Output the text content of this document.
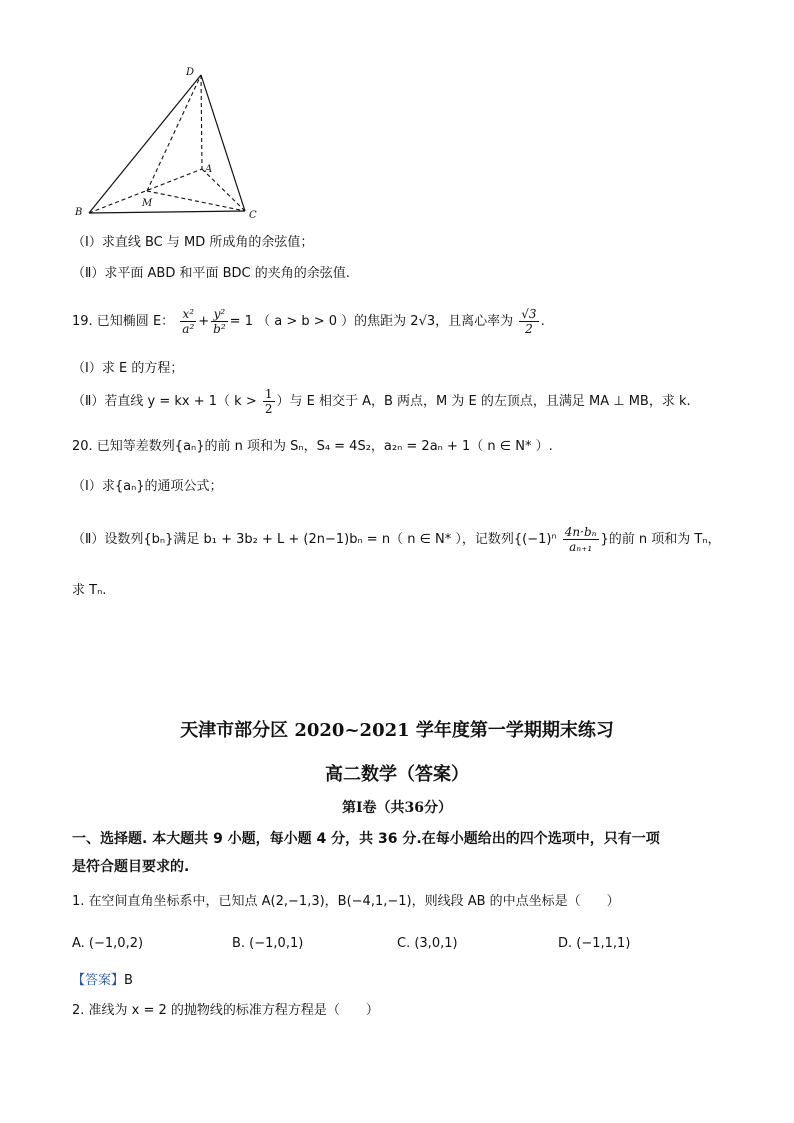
D
A
M
B	C
（Ⅰ）求直线 BC 与 MD 所成角的余弦值；
（Ⅱ）求平面 ABD 和平面 BDC 的夹角的余弦值.
19. 已知椭圆 E： $\frac{\text{x²}}{\text{a²}} + \frac{\text{y²}}{\text{b²}} = 1$ （ a > b > 0 ）的焦距为 2√3，且离心率为 $\frac{√3}{2}$ .
（Ⅰ）求 E 的方程；
（Ⅱ）若直线 y = kx + 1（ $k > \frac{1}{2}$ ）与 E 相交于 A，B 两点，M 为 E 的左顶点，且满足 MA ⊥ MB，求 k.
20. 已知等差数列{aₙ}的前 n 项和为 Sₙ，S₄ = 4S₂，a₂ₙ = 2aₙ + 1（ n ∈ N* ）.
（Ⅰ）求{aₙ}的通项公式；
（Ⅱ）设数列{bₙ}满足 b₁ + 3b₂ + L + (2n−1)bₙ = n（ n ∈ N* ），记数列{$(-1)^n \frac{\text{4n·bₙ}}{\text{aₙ₊₁}}$ }的前 n 项和为 Tₙ，
求 Tₙ.
天津市部分区 2020~2021 学年度第一学期期末练习
高二数学（答案）
第Ⅰ卷（共36分）
一、选择题. 本大题共 9 小题，每小题 4 分，共 36 分.在每小题给出的四个选项中，只有一项
是符合题目要求的.
1. 在空间直角坐标系中，已知点 A(2,−1,3)，B(−4,1,−1)，则线段 AB 的中点坐标是（　　）
A. (−1,0,2)	B. (−1,0,1)	C. (3,0,1)	D. (−1,1,1)
【答案】B
2. 准线为 x = 2 的抛物线的标准方程方程是（　　）
